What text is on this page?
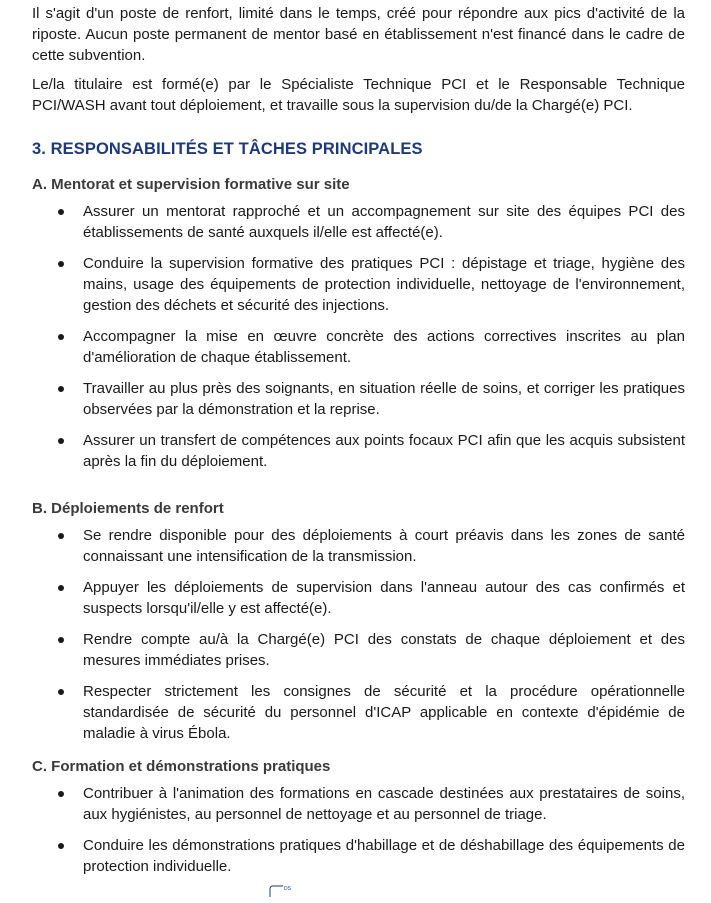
Il s'agit d'un poste de renfort, limité dans le temps, créé pour répondre aux pics d'activité de la riposte. Aucun poste permanent de mentor basé en établissement n'est financé dans le cadre de cette subvention.

Le/la titulaire est formé(e) par le Spécialiste Technique PCI et le Responsable Technique PCI/WASH avant tout déploiement, et travaille sous la supervision du/de la Chargé(e) PCI.

3. RESPONSABILITÉS ET TÂCHES PRINCIPALES
A. Mentorat et supervision formative sur site
Assurer un mentorat rapproché et un accompagnement sur site des équipes PCI des établissements de santé auxquels il/elle est affecté(e).
Conduire la supervision formative des pratiques PCI : dépistage et triage, hygiène des mains, usage des équipements de protection individuelle, nettoyage de l'environnement, gestion des déchets et sécurité des injections.
Accompagner la mise en œuvre concrète des actions correctives inscrites au plan d'amélioration de chaque établissement.
Travailler au plus près des soignants, en situation réelle de soins, et corriger les pratiques observées par la démonstration et la reprise.
Assurer un transfert de compétences aux points focaux PCI afin que les acquis subsistent après la fin du déploiement.
B. Déploiements de renfort
Se rendre disponible pour des déploiements à court préavis dans les zones de santé connaissant une intensification de la transmission.
Appuyer les déploiements de supervision dans l'anneau autour des cas confirmés et suspects lorsqu'il/elle y est affecté(e).
Rendre compte au/à la Chargé(e) PCI des constats de chaque déploiement et des mesures immédiates prises.
Respecter strictement les consignes de sécurité et la procédure opérationnelle standardisée de sécurité du personnel d'ICAP applicable en contexte d'épidémie de maladie à virus Ébola.
C. Formation et démonstrations pratiques
Contribuer à l'animation des formations en cascade destinées aux prestataires de soins, aux hygiénistes, au personnel de nettoyage et au personnel de triage.
Conduire les démonstrations pratiques d'habillage et de déshabillage des équipements de protection individuelle.
DS
